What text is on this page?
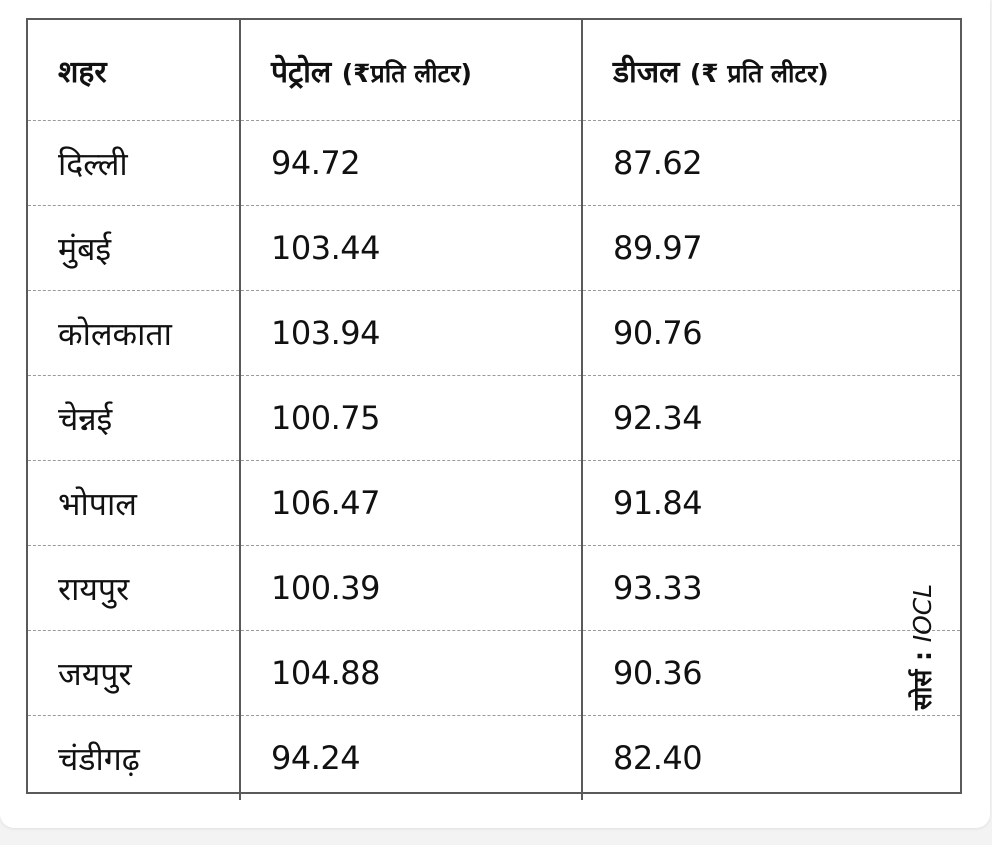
शहर	पेट्रोल (₹प्रति लीटर)	डीजल (₹ प्रति लीटर)
दिल्ली	94.72	87.62
मुंबई	103.44	89.97
कोलकाता	103.94	90.76
चेन्नई	100.75	92.34
भोपाल	106.47	91.84
रायपुर	100.39	93.33
जयपुर	104.88	90.36
चंडीगढ़	94.24	82.40
सोर्स : IOCL
